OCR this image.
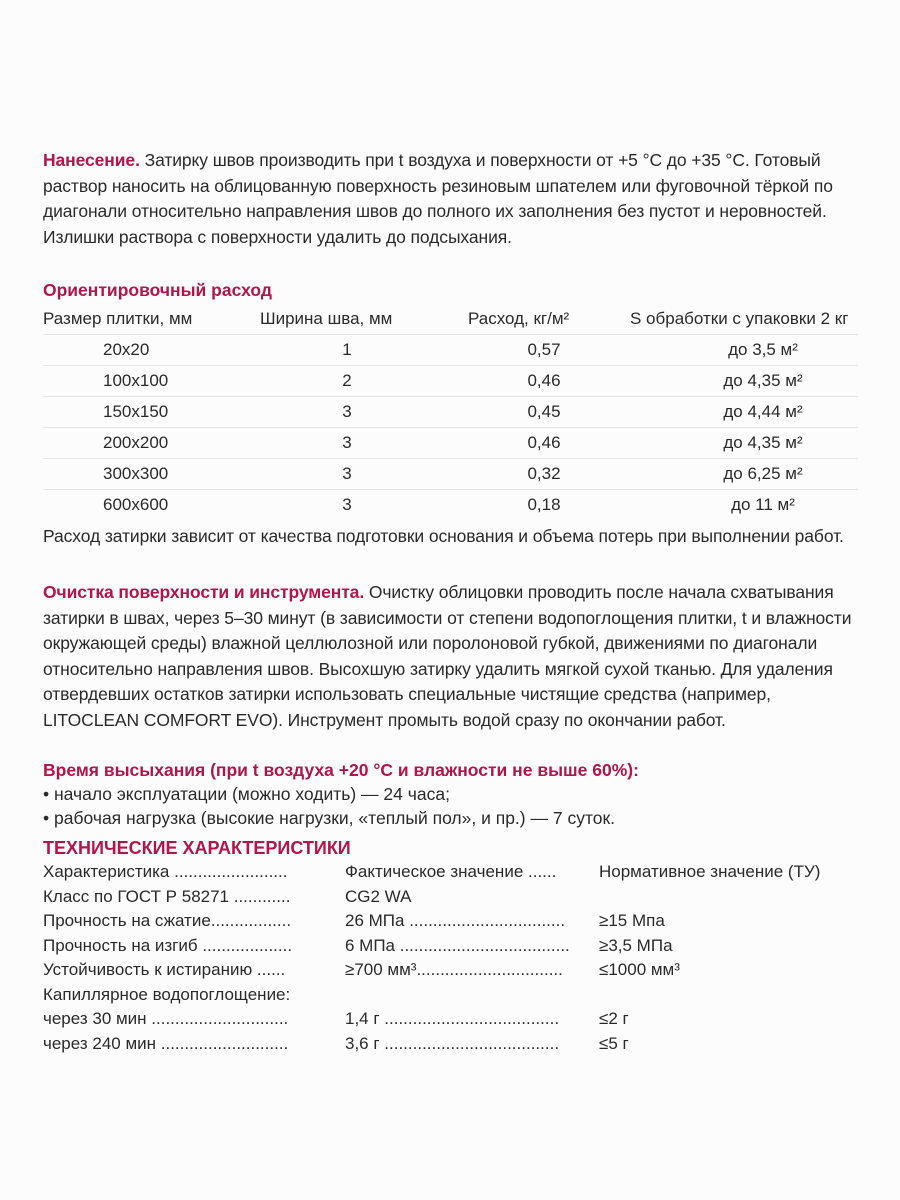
Нанесение. Затирку швов производить при t воздуха и поверхности от +5 °C до +35 °C. Готовый раствор наносить на облицованную поверхность резиновым шпателем или фуговочной тёркой по диагонали относительно направления швов до полного их заполнения без пустот и неровностей. Излишки раствора с поверхности удалить до подсыхания.

Ориентировочный расход

Размер плитки, мм	Ширина шва, мм	Расход, кг/м²	S обработки с упаковки 2 кг
20x20	1	0,57	до 3,5 м²
100x100	2	0,46	до 4,35 м²
150x150	3	0,45	до 4,44 м²
200x200	3	0,46	до 4,35 м²
300x300	3	0,32	до 6,25 м²
600x600	3	0,18	до 11 м²

Расход затирки зависит от качества подготовки основания и объема потерь при выполнении работ.

Очистка поверхности и инструмента. Очистку облицовки проводить после начала схватывания затирки в швах, через 5–30 минут (в зависимости от степени водопоглощения плитки, t и влажности окружающей среды) влажной целлюлозной или поролоновой губкой, движениями по диагонали относительно направления швов. Высохшую затирку удалить мягкой сухой тканью. Для удаления отвердевших остатков затирки использовать специальные чистящие средства (например, LITOCLEAN COMFORT EVO). Инструмент промыть водой сразу по окончании работ.

Время высыхания (при t воздуха +20 °C и влажности не выше 60%):

• начало эксплуатации (можно ходить) — 24 часа;
• рабочая нагрузка (высокие нагрузки, «теплый пол», и пр.) — 7 суток.

ТЕХНИЧЕСКИЕ ХАРАКТЕРИСТИКИ

Характеристика ........................	Фактическое значение ......	Нормативное значение (ТУ)
Класс по ГОСТ Р 58271 ............	CG2 WA
Прочность на сжатие.................	26 МПа ................................. ≥15 Мпа
Прочность на изгиб ...................	6 МПа .................................... ≥3,5 МПа
Устойчивость к истиранию ......	≥700 мм³............................... ≤1000 мм³
Капиллярное водопоглощение:
через 30 мин .............................	1,4 г ..................................... ≤2 г
через 240 мин ...........................	3,6 г ..................................... ≤5 г
